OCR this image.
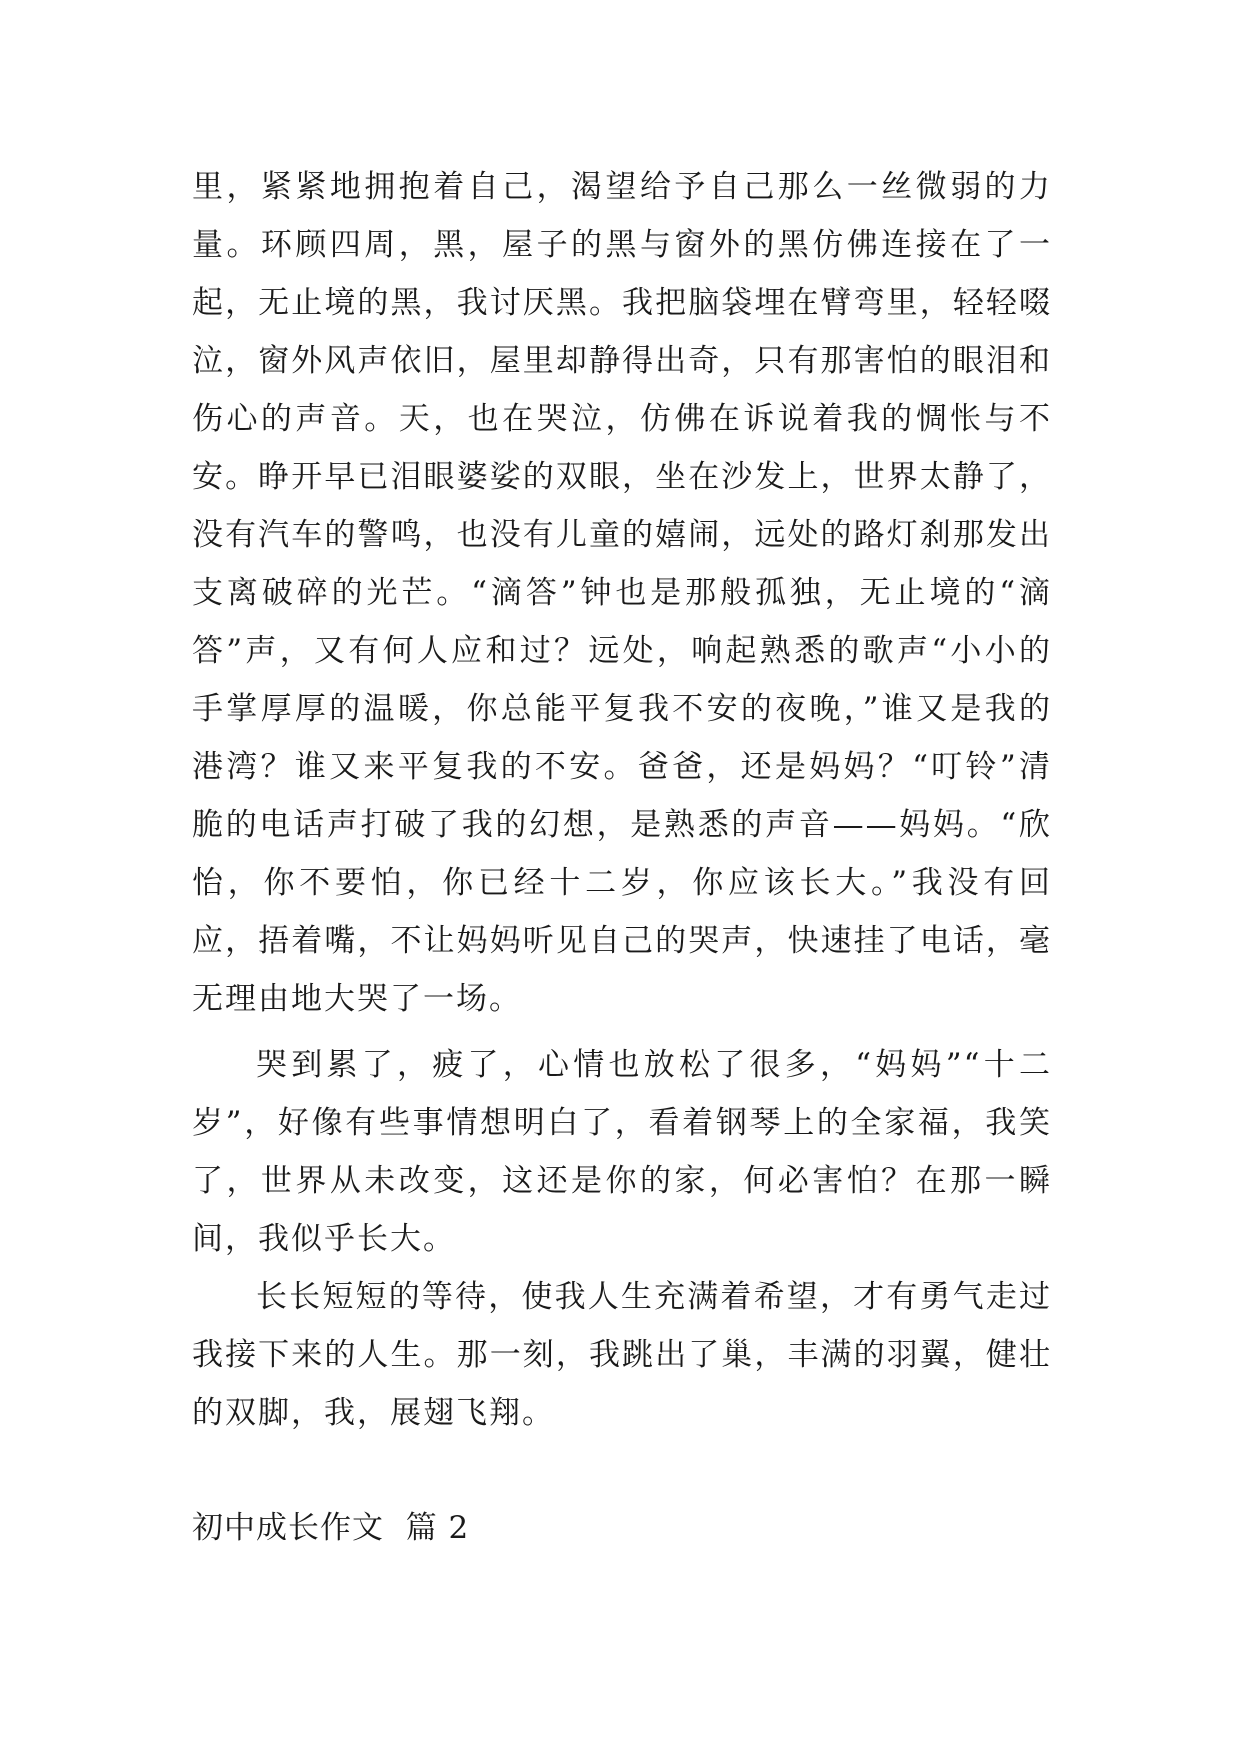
里，紧紧地拥抱着自己，渴望给予自己那么一丝微弱的力量。环顾四周，黑，屋子的黑与窗外的黑仿佛连接在了一起，无止境的黑，我讨厌黑。我把脑袋埋在臂弯里，轻轻啜泣，窗外风声依旧，屋里却静得出奇，只有那害怕的眼泪和伤心的声音。天，也在哭泣，仿佛在诉说着我的惆怅与不安。睁开早已泪眼婆娑的双眼，坐在沙发上，世界太静了，没有汽车的警鸣，也没有儿童的嬉闹，远处的路灯刹那发出支离破碎的光芒。“滴答”钟也是那般孤独，无止境的“滴答”声，又有何人应和过？远处，响起熟悉的歌声“小小的手掌厚厚的温暖，你总能平复我不安的夜晚，”谁又是我的港湾？谁又来平复我的不安。爸爸，还是妈妈？“叮铃”清脆的电话声打破了我的幻想，是熟悉的声音——妈妈。“欣怡，你不要怕，你已经十二岁，你应该长大。”我没有回应，捂着嘴，不让妈妈听见自己的哭声，快速挂了电话，毫无理由地大哭了一场。

哭到累了，疲了，心情也放松了很多，“妈妈”“十二岁”，好像有些事情想明白了，看着钢琴上的全家福，我笑了，世界从未改变，这还是你的家，何必害怕？在那一瞬间，我似乎长大。

长长短短的等待，使我人生充满着希望，才有勇气走过我接下来的人生。那一刻，我跳出了巢，丰满的羽翼，健壮的双脚，我，展翅飞翔。

初中成长作文  篇 2
